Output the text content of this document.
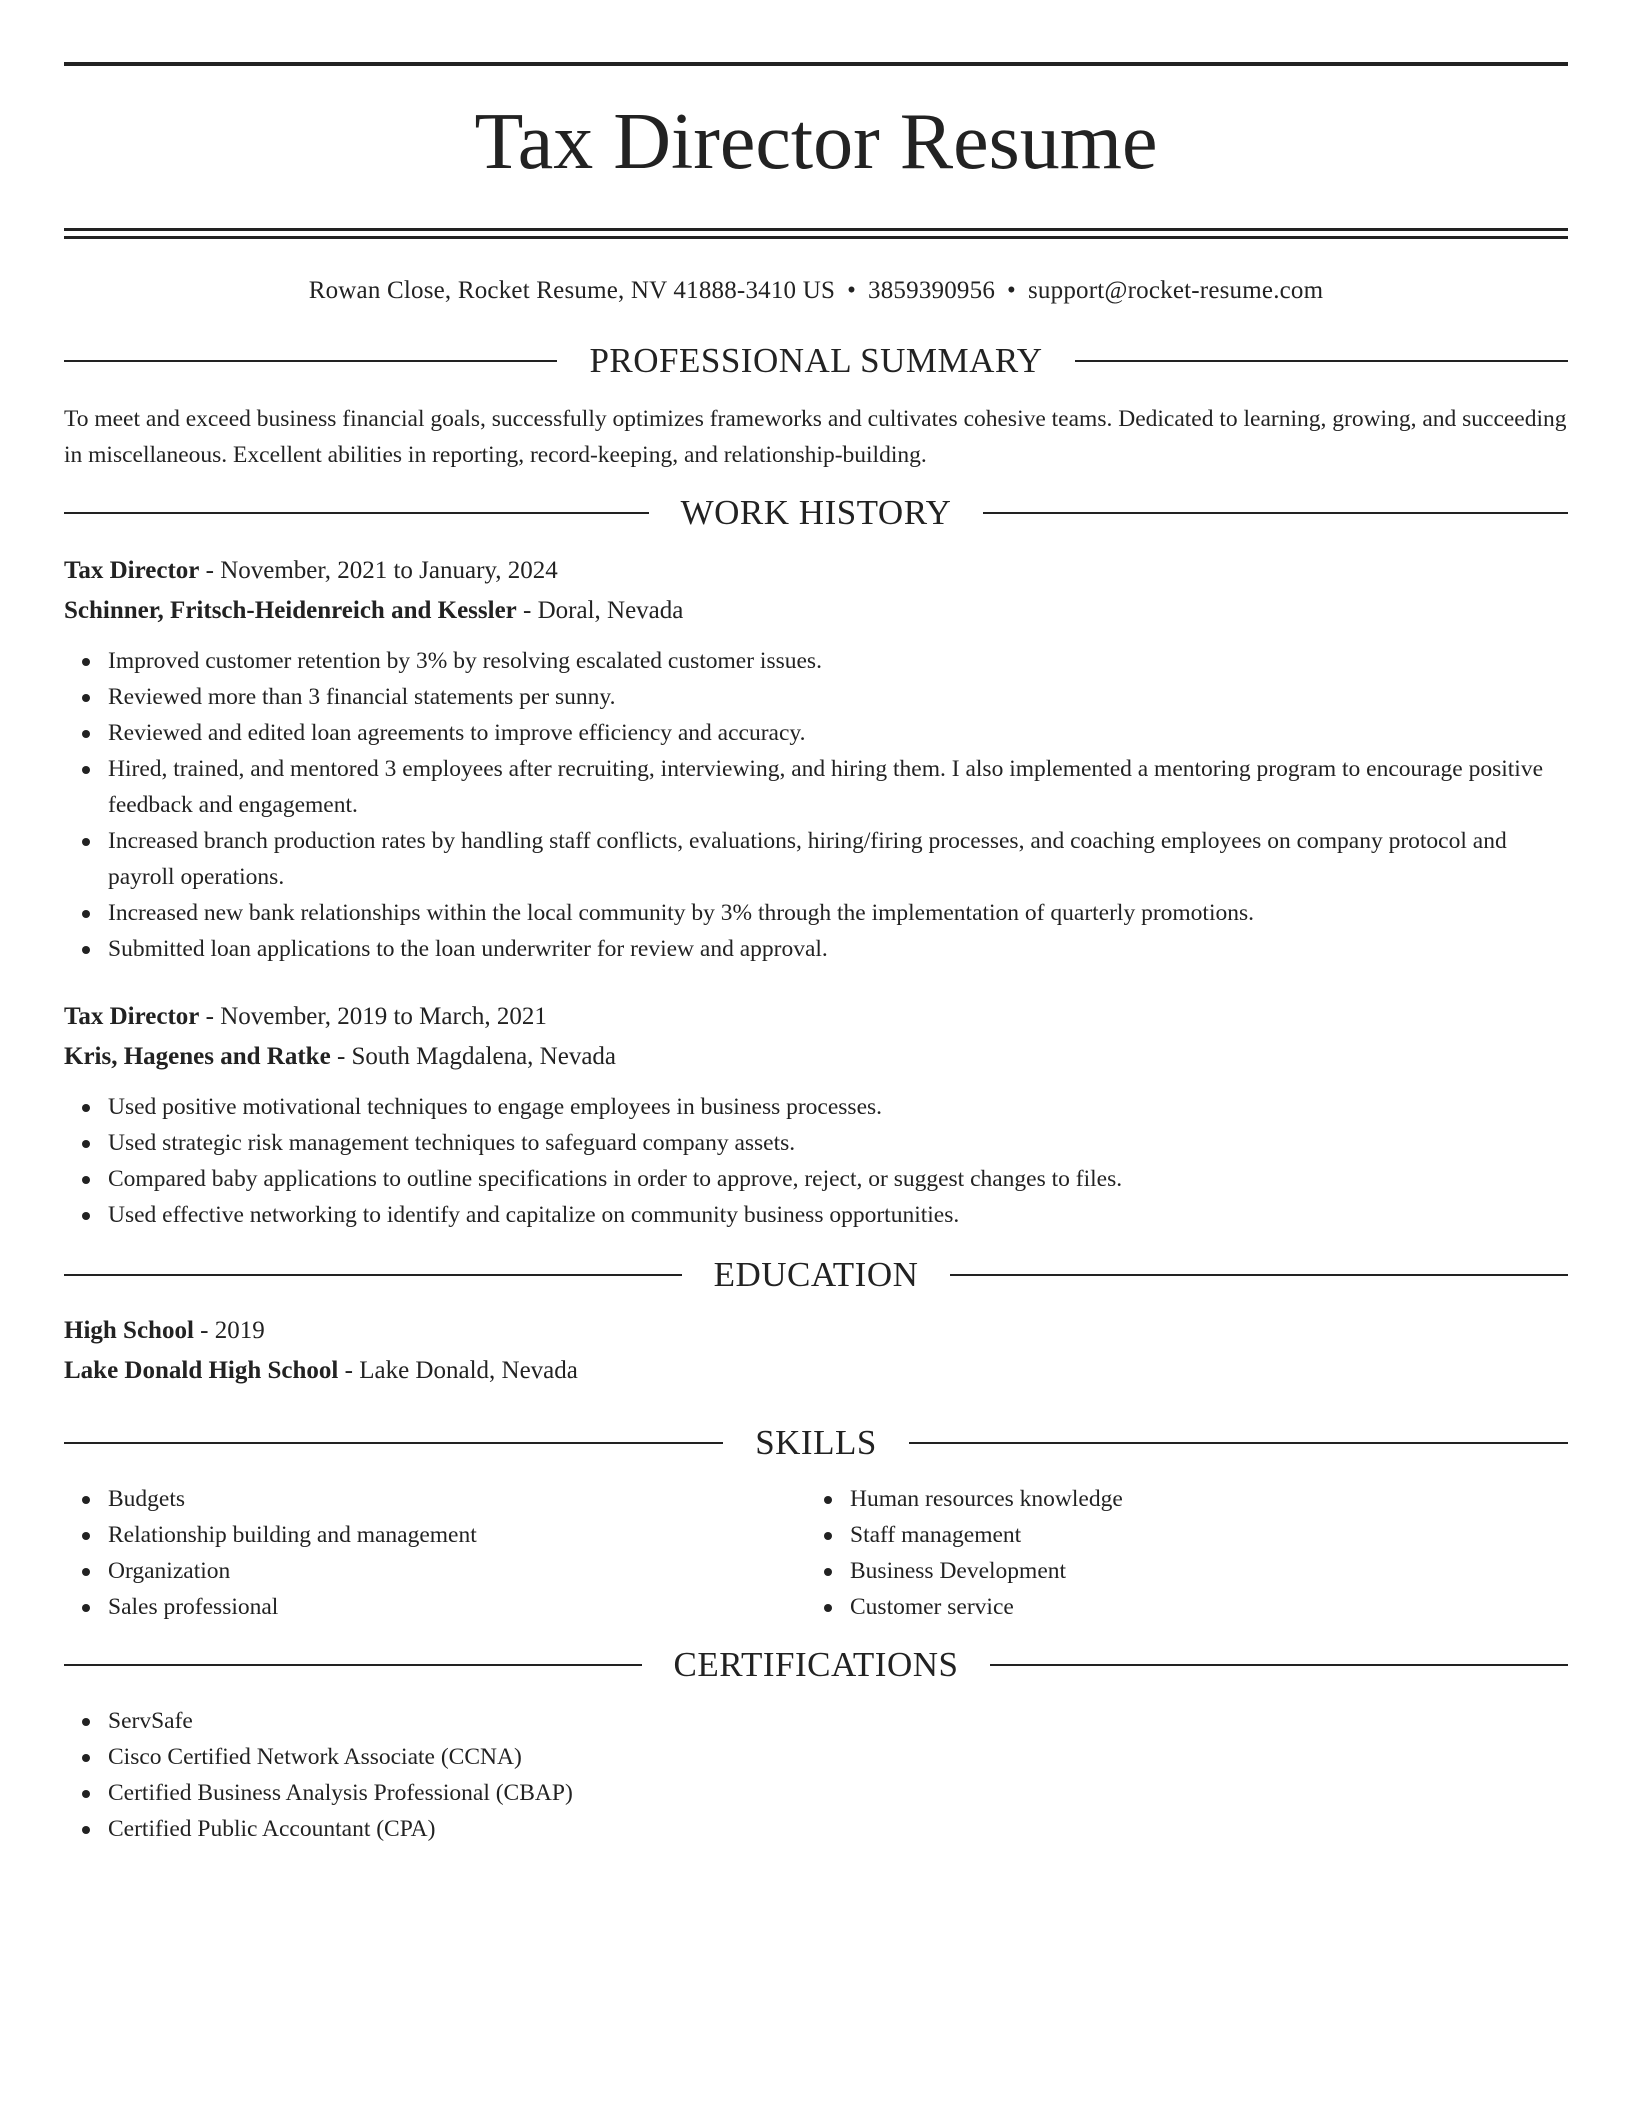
Tax Director Resume
Rowan Close, Rocket Resume, NV 41888-3410 US • 3859390956 • support@rocket-resume.com
PROFESSIONAL SUMMARY
To meet and exceed business financial goals, successfully optimizes frameworks and cultivates cohesive teams. Dedicated to learning, growing, and succeeding in miscellaneous. Excellent abilities in reporting, record-keeping, and relationship-building.
WORK HISTORY
Tax Director - November, 2021 to January, 2024
Schinner, Fritsch-Heidenreich and Kessler - Doral, Nevada
Improved customer retention by 3% by resolving escalated customer issues.
Reviewed more than 3 financial statements per sunny.
Reviewed and edited loan agreements to improve efficiency and accuracy.
Hired, trained, and mentored 3 employees after recruiting, interviewing, and hiring them. I also implemented a mentoring program to encourage positive feedback and engagement.
Increased branch production rates by handling staff conflicts, evaluations, hiring/firing processes, and coaching employees on company protocol and payroll operations.
Increased new bank relationships within the local community by 3% through the implementation of quarterly promotions.
Submitted loan applications to the loan underwriter for review and approval.
Tax Director - November, 2019 to March, 2021
Kris, Hagenes and Ratke - South Magdalena, Nevada
Used positive motivational techniques to engage employees in business processes.
Used strategic risk management techniques to safeguard company assets.
Compared baby applications to outline specifications in order to approve, reject, or suggest changes to files.
Used effective networking to identify and capitalize on community business opportunities.
EDUCATION
High School - 2019
Lake Donald High School - Lake Donald, Nevada
SKILLS
Budgets
Relationship building and management
Organization
Sales professional
Human resources knowledge
Staff management
Business Development
Customer service
CERTIFICATIONS
ServSafe
Cisco Certified Network Associate (CCNA)
Certified Business Analysis Professional (CBAP)
Certified Public Accountant (CPA)
